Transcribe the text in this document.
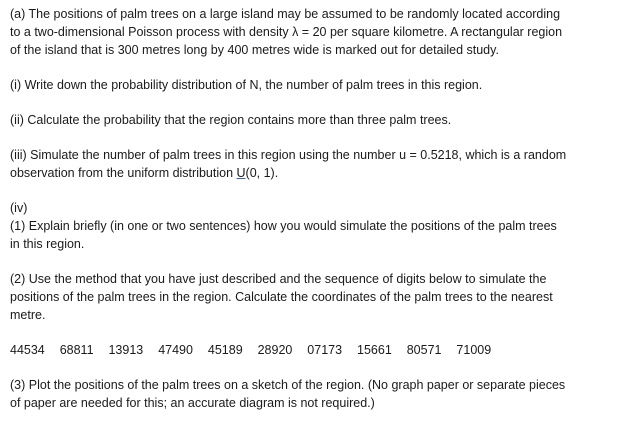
(a) The positions of palm trees on a large island may be assumed to be randomly located according
to a two-dimensional Poisson process with density λ = 20 per square kilometre. A rectangular region
of the island that is 300 metres long by 400 metres wide is marked out for detailed study.
(i) Write down the probability distribution of N, the number of palm trees in this region.
(ii) Calculate the probability that the region contains more than three palm trees.
(iii) Simulate the number of palm trees in this region using the number u = 0.5218, which is a random
observation from the uniform distribution U(0, 1).
(iv)
(1) Explain briefly (in one or two sentences) how you would simulate the positions of the palm trees
in this region.
(2) Use the method that you have just described and the sequence of digits below to simulate the
positions of the palm trees in the region. Calculate the coordinates of the palm trees to the nearest
metre.
44534  68811  13913  47490  45189  28920  07173  15661  80571  71009
(3) Plot the positions of the palm trees on a sketch of the region. (No graph paper or separate pieces
of paper are needed for this; an accurate diagram is not required.)
